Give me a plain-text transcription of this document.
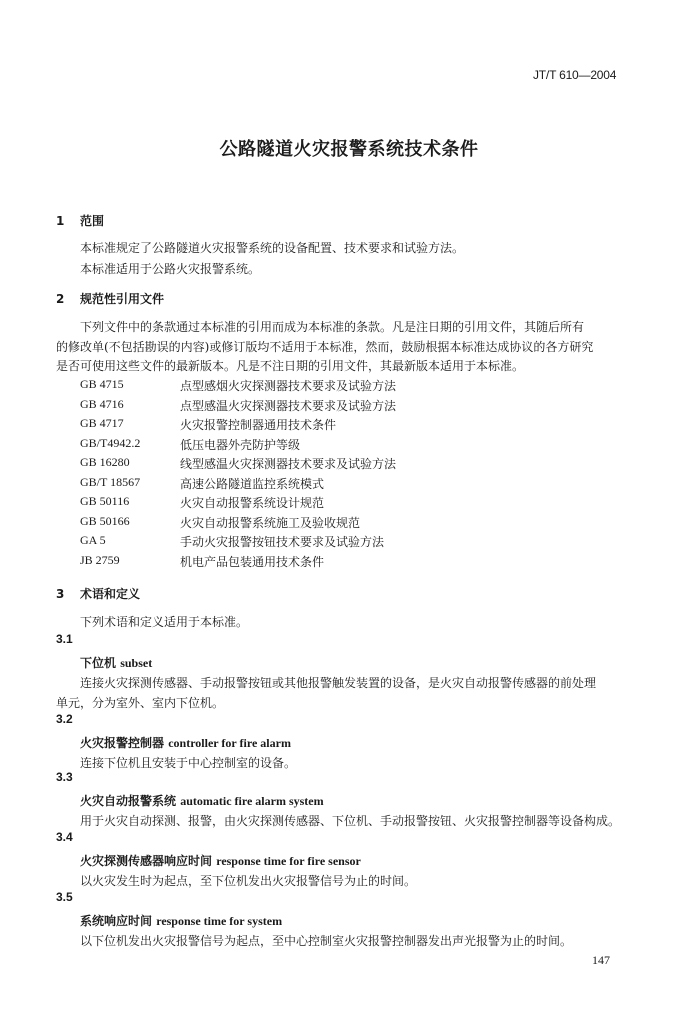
JT/T 610—2004
公路隧道火灾报警系统技术条件
1 范围
本标准规定了公路隧道火灾报警系统的设备配置、技术要求和试验方法。
本标准适用于公路火灾报警系统。
2 规范性引用文件
下列文件中的条款通过本标准的引用而成为本标准的条款。凡是注日期的引用文件，其随后所有
的修改单(不包括勘误的内容)或修订版均不适用于本标准，然而，鼓励根据本标准达成协议的各方研究
是否可使用这些文件的最新版本。凡是不注日期的引用文件，其最新版本适用于本标准。
GB 4715	点型感烟火灾探测器技术要求及试验方法
GB 4716	点型感温火灾探测器技术要求及试验方法
GB 4717	火灾报警控制器通用技术条件
GB/T4942.2	低压电器外壳防护等级
GB 16280	线型感温火灾探测器技术要求及试验方法
GB/T 18567	高速公路隧道监控系统模式
GB 50116	火灾自动报警系统设计规范
GB 50166	火灾自动报警系统施工及验收规范
GA 5	手动火灾报警按钮技术要求及试验方法
JB 2759	机电产品包装通用技术条件
3 术语和定义
下列术语和定义适用于本标准。
3.1
下位机 subset
连接火灾探测传感器、手动报警按钮或其他报警触发装置的设备，是火灾自动报警传感器的前处理
单元，分为室外、室内下位机。
3.2
火灾报警控制器 controller for fire alarm
连接下位机且安装于中心控制室的设备。
3.3
火灾自动报警系统 automatic fire alarm system
用于火灾自动探测、报警，由火灾探测传感器、下位机、手动报警按钮、火灾报警控制器等设备构成。
3.4
火灾探测传感器响应时间 response time for fire sensor
以火灾发生时为起点，至下位机发出火灾报警信号为止的时间。
3.5
系统响应时间 response time for system
以下位机发出火灾报警信号为起点，至中心控制室火灾报警控制器发出声光报警为止的时间。
147
